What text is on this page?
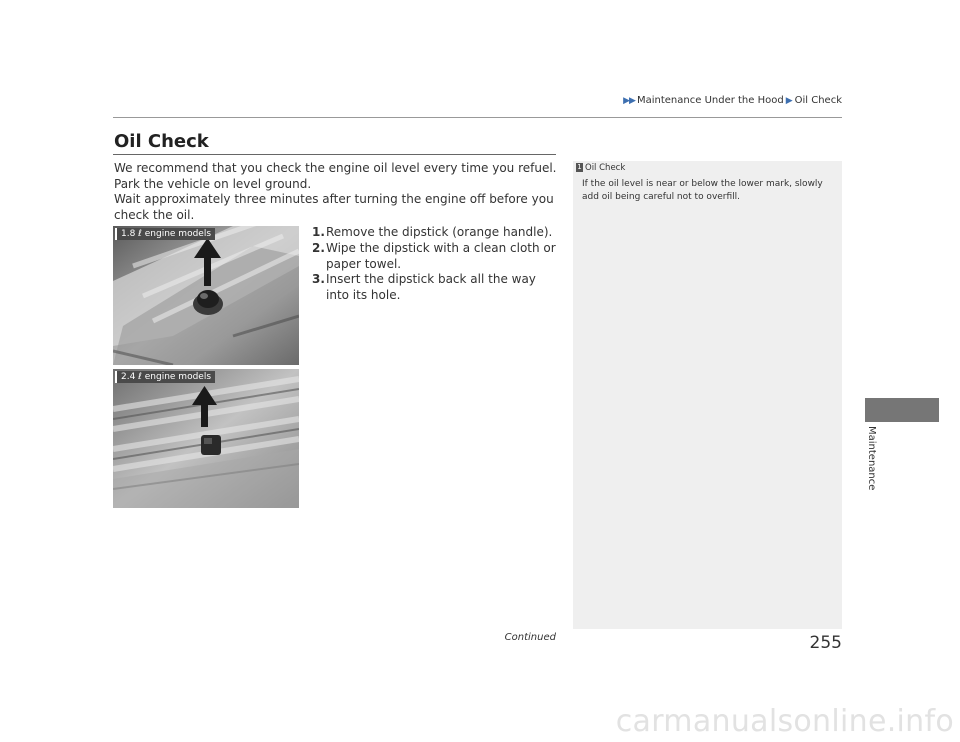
▶▶ Maintenance Under the Hood ▶ Oil Check
Oil Check

We recommend that you check the engine oil level every time you refuel.

Park the vehicle on level ground.

Wait approximately three minutes after turning the engine off before you check the oil.

1. Remove the dipstick (orange handle).
2. Wipe the dipstick with a clean cloth or paper towel.
3. Insert the dipstick back all the way into its hole.
1.8 ℓ engine models
2.4 ℓ engine models
1 Oil Check

If the oil level is near or below the lower mark, slowly add oil being careful not to overfill.

Maintenance
Continued	255
carmanualsonline.info
